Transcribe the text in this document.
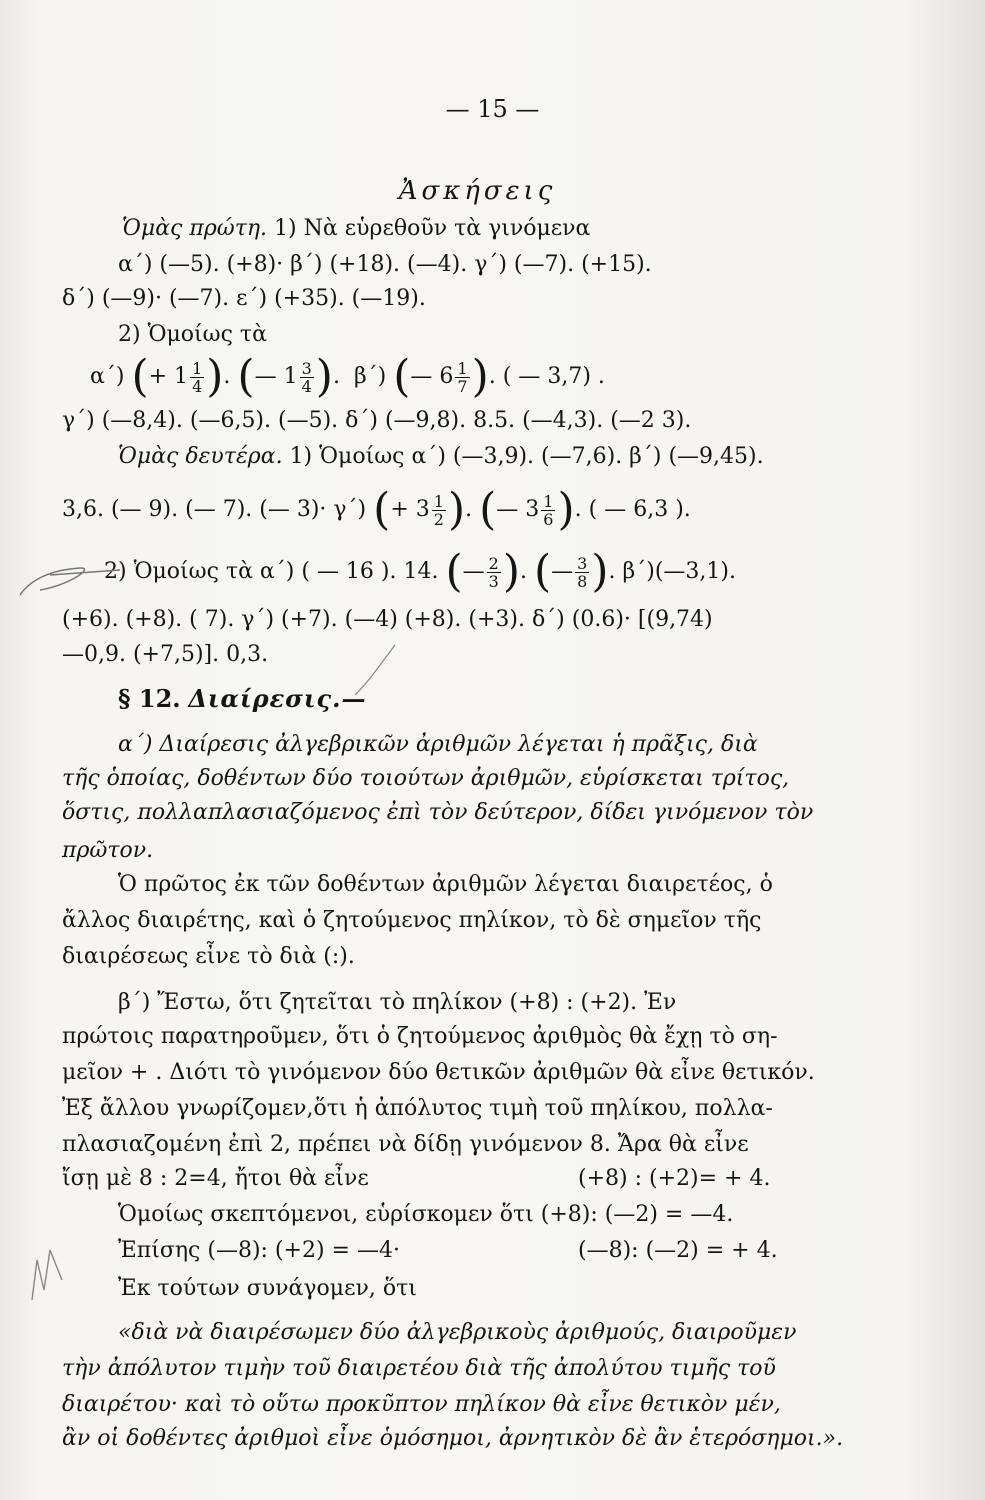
— 15 —
Ἀσκήσεις
Ὁμὰς πρώτη. 1) Νὰ εὑρεθοῦν τὰ γινόμενα
α΄) (—5). (+8)· β΄) (+18). (—4). γ΄) (—7). (+15).
δ΄) (—9)· (—7). ε΄) (+35). (—19).
2) Ὁμοίως τὰ
α΄) (+ $1 \frac{1}{4}$ ). (— $1 \frac{3}{4}$ ).  β΄) (— $6 \frac{1}{7}$ ). ( — 3,7) .
γ΄) (—8,4). (—6,5). (—5). δ΄) (—9,8). 8.5. (—4,3). (—2 3).
Ὁμὰς δευτέρα. 1) Ὁμοίως α΄) (—3,9). (—7,6). β΄) (—9,45).
3,6. (— 9). (— 7). (— 3)· γ΄) (+ $3 \frac{1}{2}$ ). (— $3 \frac{1}{6}$ ). ( — 6,3 ).
2) Ὁμοίως τὰ α΄) ( — 16 ). 14. (— $\frac{2}{3}$ ). (— $\frac{3}{8}$ ). β΄)(—3,1).
(+6). (+8). ( 7). γ΄) (+7). (—4) (+8). (+3). δ΄) (0.6)· [(9,74)
—0,9. (+7,5)]. 0,3.
§ 12. Διαίρεσις.—
α΄) Διαίρεσις ἀλγεβρικῶν ἀριθμῶν λέγεται ἡ πρᾶξις, διὰ
τῆς ὁποίας, δοθέντων δύο τοιούτων ἀριθμῶν, εὑρίσκεται τρίτος,
ὅστις, πολλαπλασιαζόμενος ἐπὶ τὸν δεύτερον, δίδει γινόμενον τὸν
πρῶτον.
Ὁ πρῶτος ἐκ τῶν δοθέντων ἀριθμῶν λέγεται διαιρετέος, ὁ
ἄλλος διαιρέτης, καὶ ὁ ζητούμενος πηλίκον, τὸ δὲ σημεῖον τῆς
διαιρέσεως εἶνε τὸ διὰ (:).
β΄) Ἔστω, ὅτι ζητεῖται τὸ πηλίκον (+8) : (+2). Ἐν
πρώτοις παρατηροῦμεν, ὅτι ὁ ζητούμενος ἀριθμὸς θὰ ἔχῃ τὸ ση-
μεῖον + . Διότι τὸ γινόμενον δύο θετικῶν ἀριθμῶν θὰ εἶνε θετικόν.
Ἐξ ἄλλου γνωρίζομεν,ὅτι ἡ ἀπόλυτος τιμὴ τοῦ πηλίκου, πολλα-
πλασιαζομένη ἐπὶ 2, πρέπει νὰ δίδῃ γινόμενον 8. Ἄρα θὰ εἶνε
ἴσῃ μὲ 8 : 2=4, ἤτοι θὰ εἶνε	(+8) : (+2)= + 4.
Ὁμοίως σκεπτόμενοι, εὑρίσκομεν ὅτι (+8): (—2) = —4.
Ἐπίσης (—8): (+2) = —4·	(—8): (—2) = + 4.
Ἐκ τούτων συνάγομεν, ὅτι
«διὰ νὰ διαιρέσωμεν δύο ἀλγεβρικοὺς ἀριθμούς, διαιροῦμεν
τὴν ἀπόλυτον τιμὴν τοῦ διαιρετέου διὰ τῆς ἀπολύτου τιμῆς τοῦ
διαιρέτου· καὶ τὸ οὕτω προκῦπτον πηλίκον θὰ εἶνε θετικὸν μέν,
ἂν οἱ δοθέντες ἀριθμοὶ εἶνε ὁμόσημοι, ἀρνητικὸν δὲ ἂν ἑτερόσημοι.».
